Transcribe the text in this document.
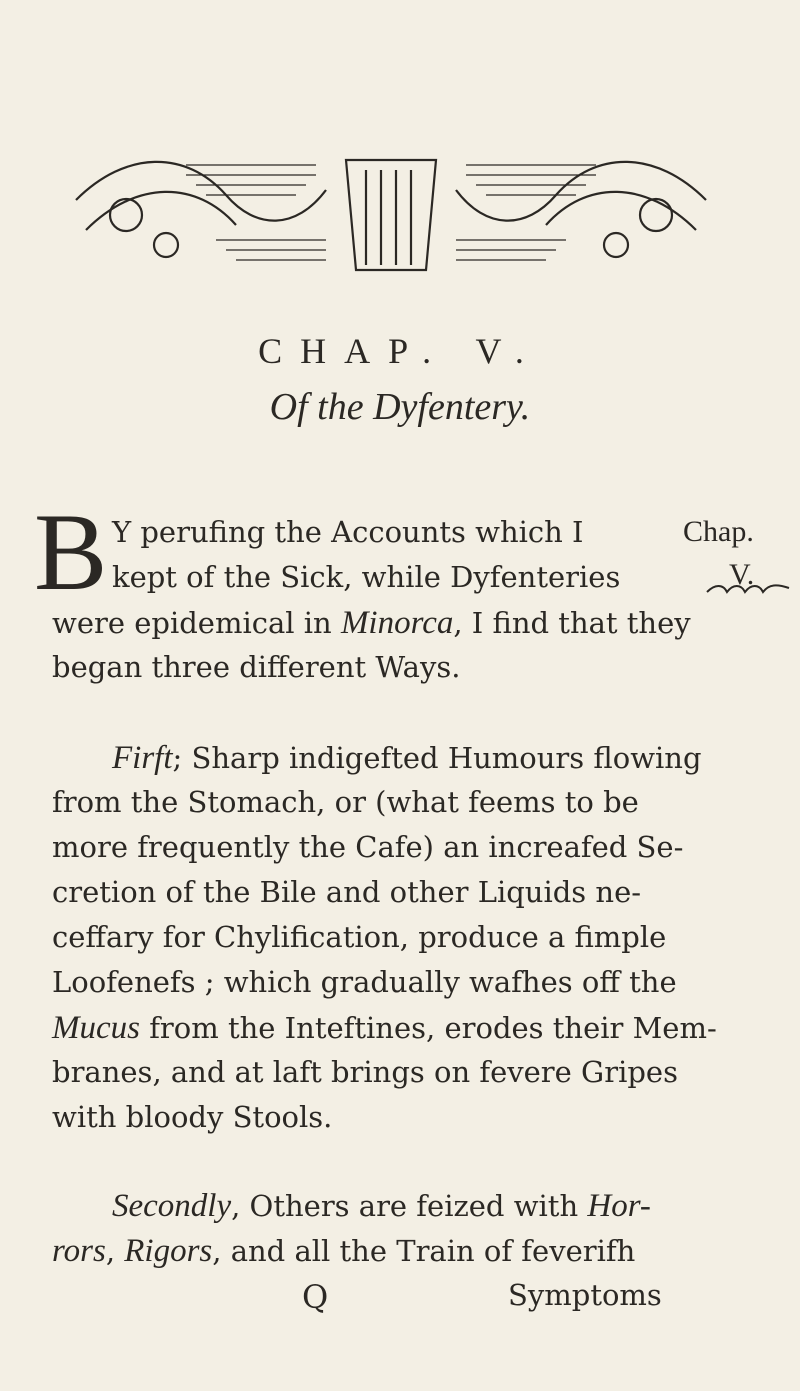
CHAP. V.
Of the Dyfentery.
B Y perufing the Accounts which I
kept of the Sick, while Dyfenteries
were epidemical in Minorca, I find that they
began three different Ways.
Chap.
V.
Firft; Sharp indigefted Humours flowing
from the Stomach, or (what feems to be
more frequently the Cafe) an increafed Se-
cretion of the Bile and other Liquids ne-
ceffary for Chylification, produce a fimple
Loofenefs ; which gradually wafhes off the
Mucus from the Inteftines, erodes their Mem-
branes, and at laft brings on fevere Gripes
with bloody Stools.
Secondly, Others are feized with Hor-
rors, Rigors, and all the Train of feverifh
Q	Symptoms
